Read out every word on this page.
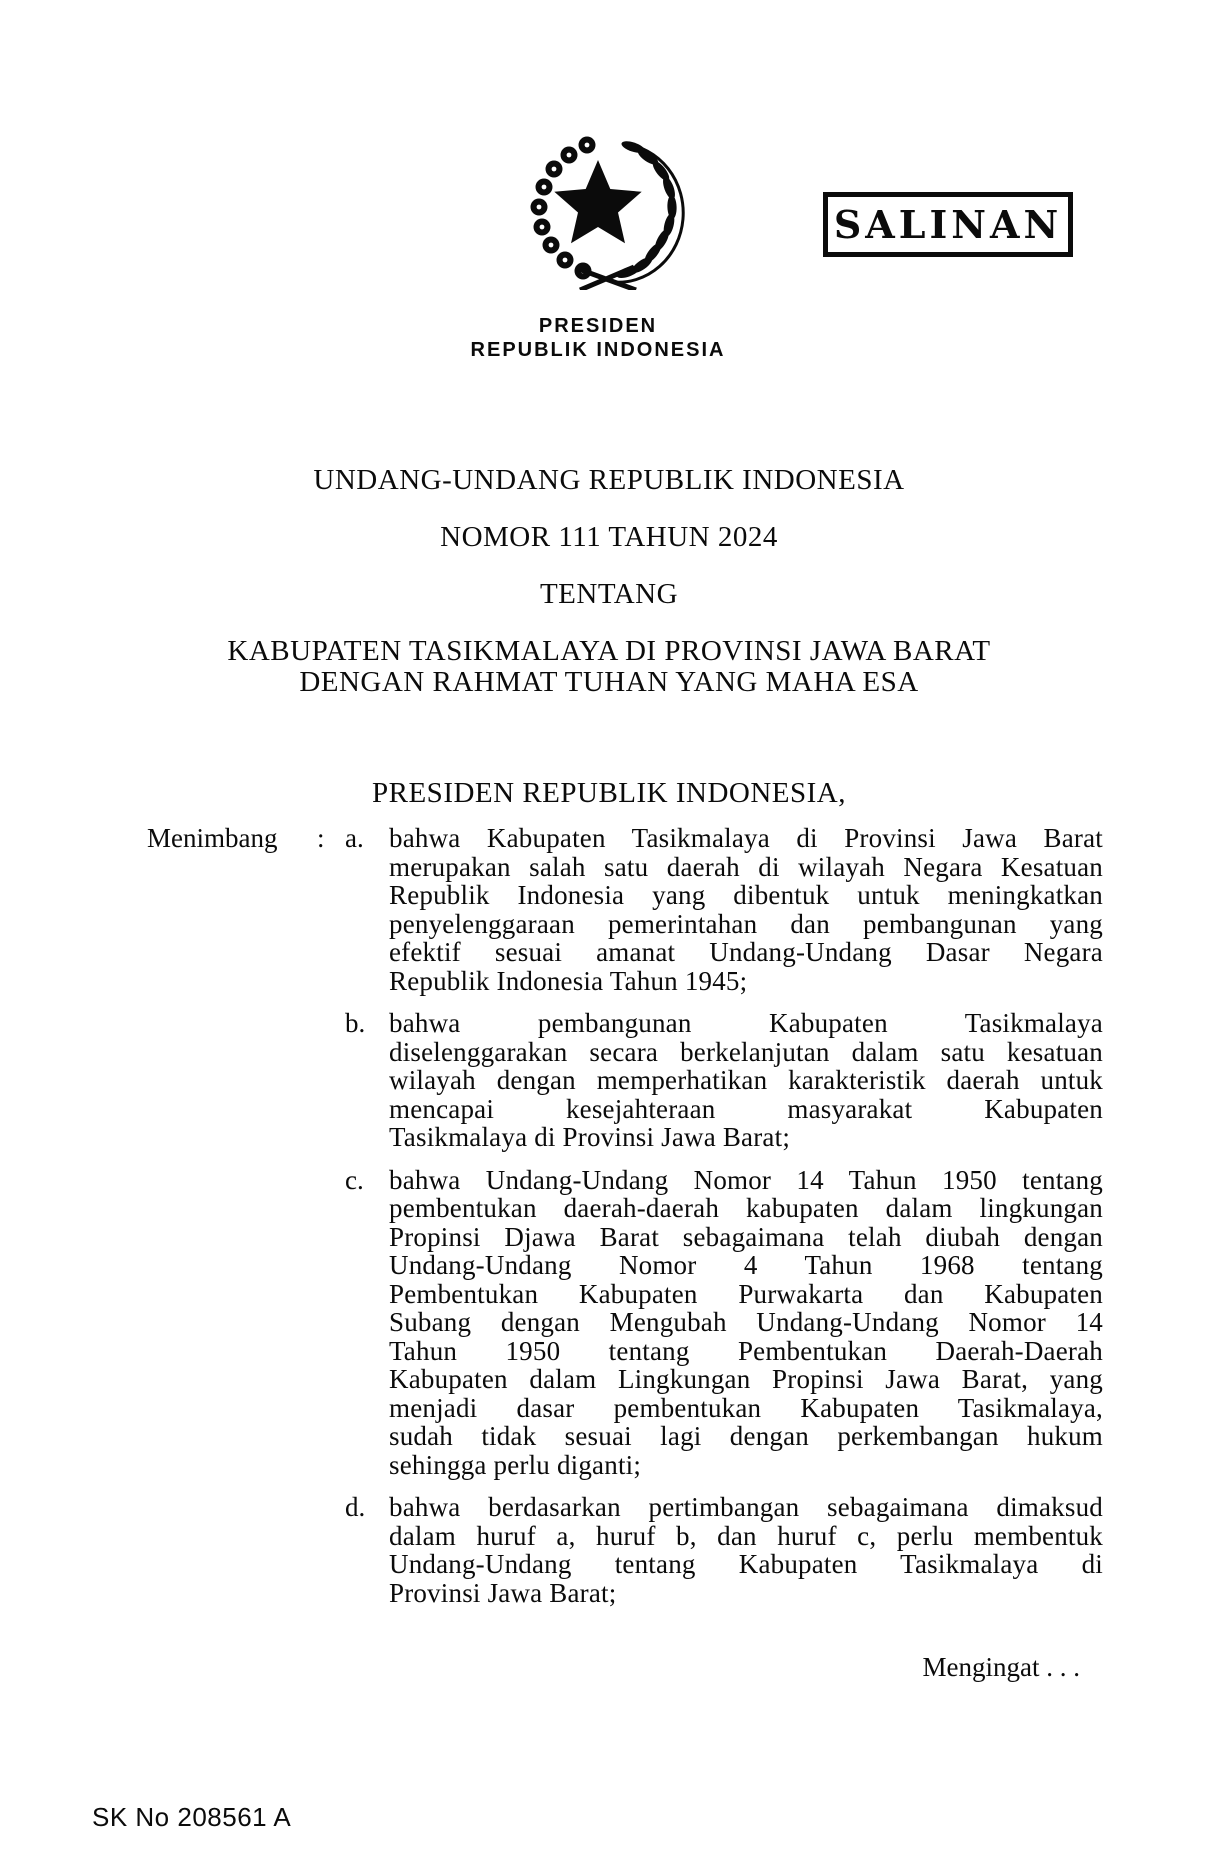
SALINAN
PRESIDEN
REPUBLIK INDONESIA
UNDANG-UNDANG REPUBLIK INDONESIA
NOMOR 111 TAHUN 2024
TENTANG
KABUPATEN TASIKMALAYA DI PROVINSI JAWA BARAT
DENGAN RAHMAT TUHAN YANG MAHA ESA
PRESIDEN REPUBLIK INDONESIA,
Menimbang	: a. bahwa Kabupaten Tasikmalaya di Provinsi Jawa Barat
merupakan salah satu daerah di wilayah Negara Kesatuan
Republik Indonesia yang dibentuk untuk meningkatkan
penyelenggaraan pemerintahan dan pembangunan yang
efektif sesuai amanat Undang-Undang Dasar Negara
Republik Indonesia Tahun 1945;
b. bahwa pembangunan Kabupaten Tasikmalaya
diselenggarakan secara berkelanjutan dalam satu kesatuan
wilayah dengan memperhatikan karakteristik daerah untuk
mencapai kesejahteraan masyarakat Kabupaten
Tasikmalaya di Provinsi Jawa Barat;
c. bahwa Undang-Undang Nomor 14 Tahun 1950 tentang
pembentukan daerah-daerah kabupaten dalam lingkungan
Propinsi Djawa Barat sebagaimana telah diubah dengan
Undang-Undang Nomor 4 Tahun 1968 tentang
Pembentukan Kabupaten Purwakarta dan Kabupaten
Subang dengan Mengubah Undang-Undang Nomor 14
Tahun 1950 tentang Pembentukan Daerah-Daerah
Kabupaten dalam Lingkungan Propinsi Jawa Barat, yang
menjadi dasar pembentukan Kabupaten Tasikmalaya,
sudah tidak sesuai lagi dengan perkembangan hukum
sehingga perlu diganti;
d. bahwa berdasarkan pertimbangan sebagaimana dimaksud
dalam huruf a, huruf b, dan huruf c, perlu membentuk
Undang-Undang tentang Kabupaten Tasikmalaya di
Provinsi Jawa Barat;
Mengingat . . .
SK No 208561 A
